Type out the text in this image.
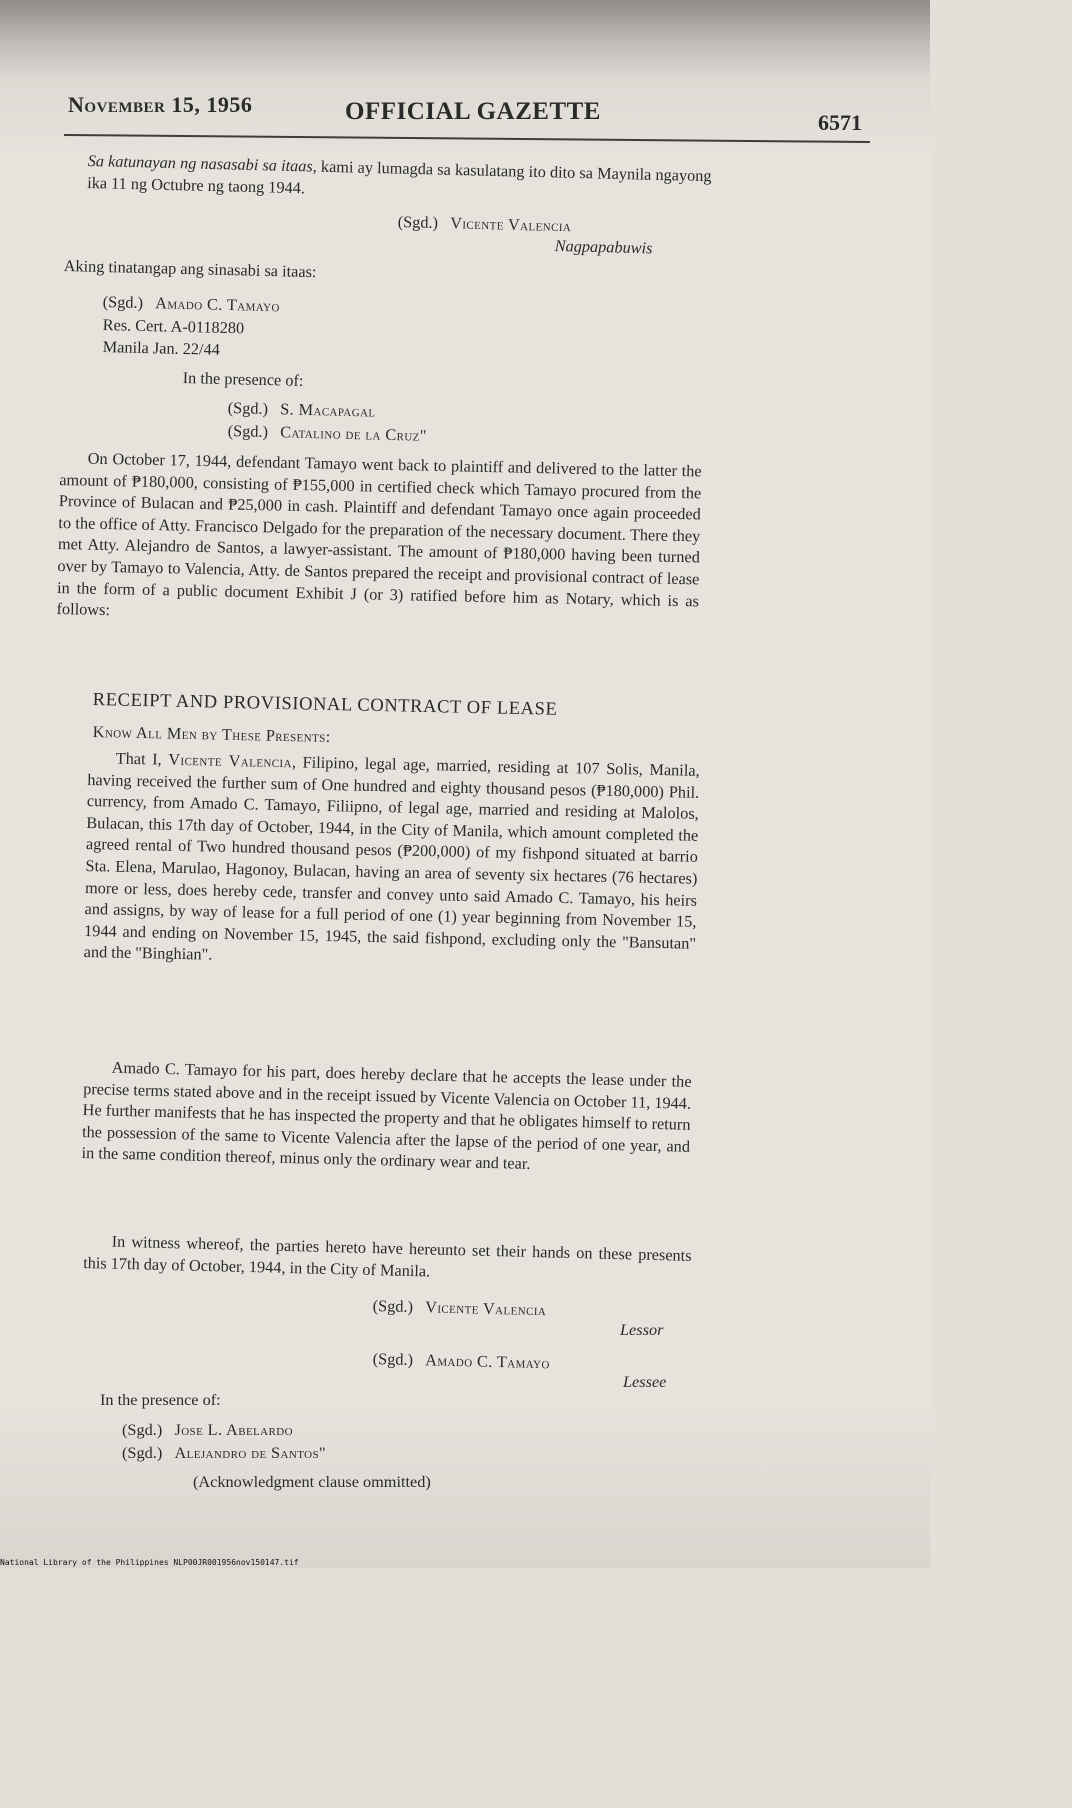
November 15, 1956	OFFICIAL GAZETTE	6571

Sa katunayan ng nasasabi sa itaas, kami ay lumagda sa kasulatang ito dito sa Maynila ngayong ika 11 ng Octubre ng taong 1944.

(Sgd.) Vicente Valencia
Nagpapabuwis
Aking tinatangap ang sinasabi sa itaas:
(Sgd.) Amado C. Tamayo
Res. Cert. A-0118280
Manila Jan. 22/44
In the presence of:
(Sgd.) S. Macapagal
(Sgd.) Catalino de la Cruz"

On October 17, 1944, defendant Tamayo went back to plaintiff and delivered to the latter the amount of ₱180,000, consisting of ₱155,000 in certified check which Tamayo procured from the Province of Bulacan and ₱25,000 in cash. Plaintiff and defendant Tamayo once again proceeded to the office of Atty. Francisco Delgado for the preparation of the necessary document. There they met Atty. Alejandro de Santos, a lawyer-assistant. The amount of ₱180,000 having been turned over by Tamayo to Valencia, Atty. de Santos prepared the receipt and provisional contract of lease in the form of a public document Exhibit J (or 3) ratified before him as Notary, which is as follows:

RECEIPT AND PROVISIONAL CONTRACT OF LEASE
Know All Men by These Presents:

That I, Vicente Valencia, Filipino, legal age, married, residing at 107 Solis, Manila, having received the further sum of One hundred and eighty thousand pesos (₱180,000) Phil. currency, from Amado C. Tamayo, Filiipno, of legal age, married and residing at Malolos, Bulacan, this 17th day of October, 1944, in the City of Manila, which amount completed the agreed rental of Two hundred thousand pesos (₱200,000) of my fishpond situated at barrio Sta. Elena, Marulao, Hagonoy, Bulacan, having an area of seventy six hectares (76 hectares) more or less, does hereby cede, transfer and convey unto said Amado C. Tamayo, his heirs and assigns, by way of lease for a full period of one (1) year beginning from November 15, 1944 and ending on November 15, 1945, the said fishpond, excluding only the "Bansutan" and the "Binghian".

Amado C. Tamayo for his part, does hereby declare that he accepts the lease under the precise terms stated above and in the receipt issued by Vicente Valencia on October 11, 1944. He further manifests that he has inspected the property and that he obligates himself to return the possession of the same to Vicente Valencia after the lapse of the period of one year, and in the same condition thereof, minus only the ordinary wear and tear.

In witness whereof, the parties hereto have hereunto set their hands on these presents this 17th day of October, 1944, in the City of Manila.

(Sgd.) Vicente Valencia
Lessor
(Sgd.) Amado C. Tamayo
Lessee
In the presence of:
(Sgd.) Jose L. Abelardo
(Sgd.) Alejandro de Santos"
(Acknowledgment clause ommitted)
National Library of the Philippines NLP00JR001956nov150147.tif
